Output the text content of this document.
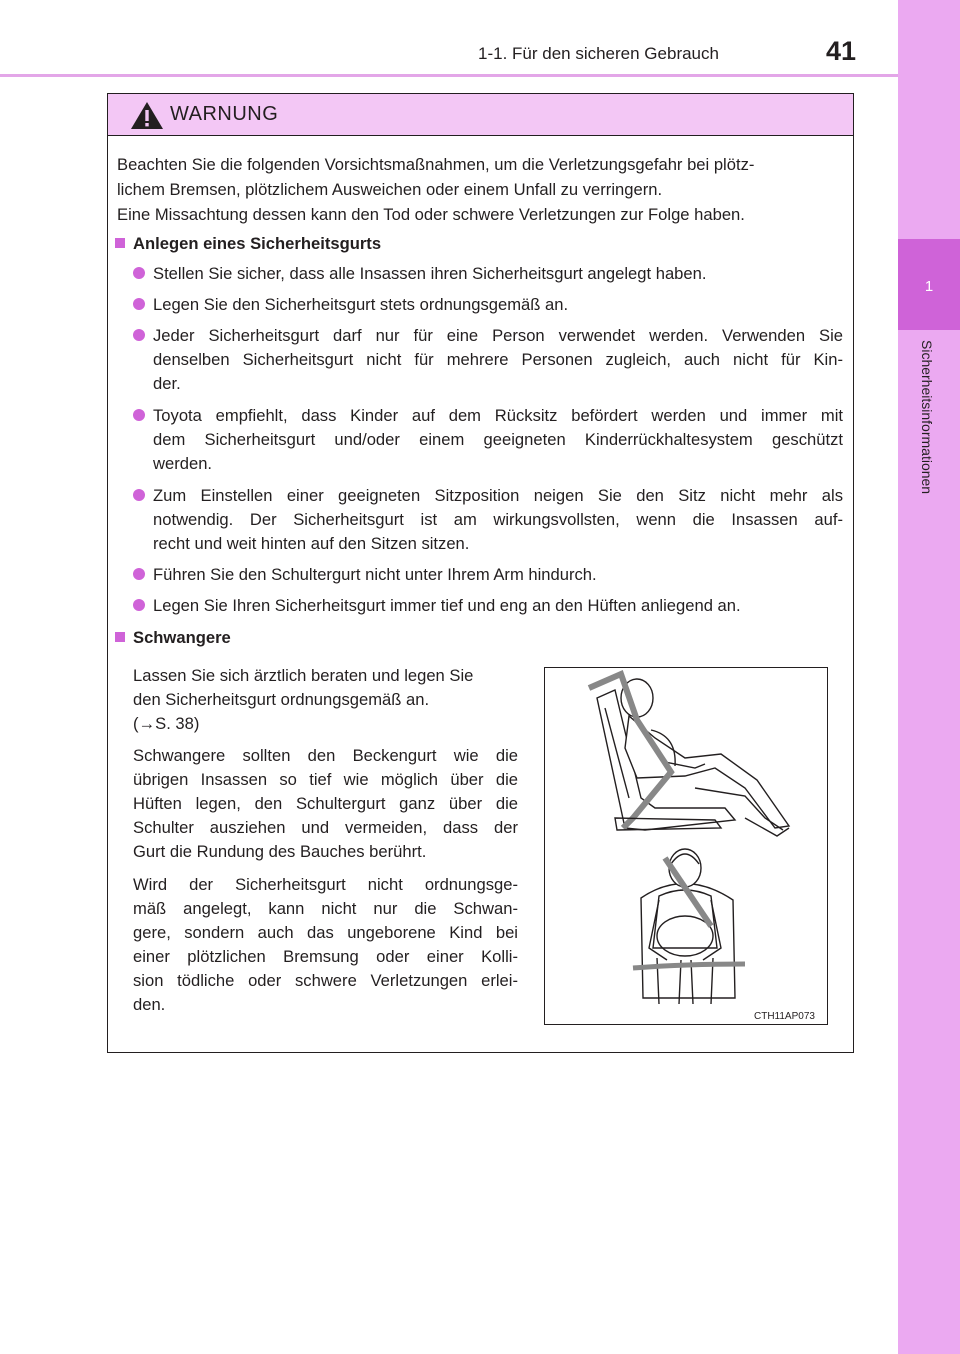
1-1. Für den sicheren Gebrauch	41
1
Sicherheitsinformationen
WARNUNG
Beachten Sie die folgenden Vorsichtsmaßnahmen, um die Verletzungsgefahr bei plötz-
lichem Bremsen, plötzlichem Ausweichen oder einem Unfall zu verringern.
Eine Missachtung dessen kann den Tod oder schwere Verletzungen zur Folge haben.
Anlegen eines Sicherheitsgurts
Stellen Sie sicher, dass alle Insassen ihren Sicherheitsgurt angelegt haben.
Legen Sie den Sicherheitsgurt stets ordnungsgemäß an.
Jeder Sicherheitsgurt darf nur für eine Person verwendet werden. Verwenden Sie
denselben Sicherheitsgurt nicht für mehrere Personen zugleich, auch nicht für Kin-
der.
Toyota empfiehlt, dass Kinder auf dem Rücksitz befördert werden und immer mit
dem Sicherheitsgurt und/oder einem geeigneten Kinderrückhaltesystem geschützt
werden.
Zum Einstellen einer geeigneten Sitzposition neigen Sie den Sitz nicht mehr als
notwendig. Der Sicherheitsgurt ist am wirkungsvollsten, wenn die Insassen auf-
recht und weit hinten auf den Sitzen sitzen.
Führen Sie den Schultergurt nicht unter Ihrem Arm hindurch.
Legen Sie Ihren Sicherheitsgurt immer tief und eng an den Hüften anliegend an.
Schwangere
Lassen Sie sich ärztlich beraten und legen Sie
den Sicherheitsgurt ordnungsgemäß an.
(→S. 38)
Schwangere sollten den Beckengurt wie die
übrigen Insassen so tief wie möglich über die
Hüften legen, den Schultergurt ganz über die
Schulter ausziehen und vermeiden, dass der
Gurt die Rundung des Bauches berührt.
Wird der Sicherheitsgurt nicht ordnungsge-
mäß angelegt, kann nicht nur die Schwan-
gere, sondern auch das ungeborene Kind bei
einer plötzlichen Bremsung oder einer Kolli-
sion tödliche oder schwere Verletzungen erlei-
den.
CTH11AP073
